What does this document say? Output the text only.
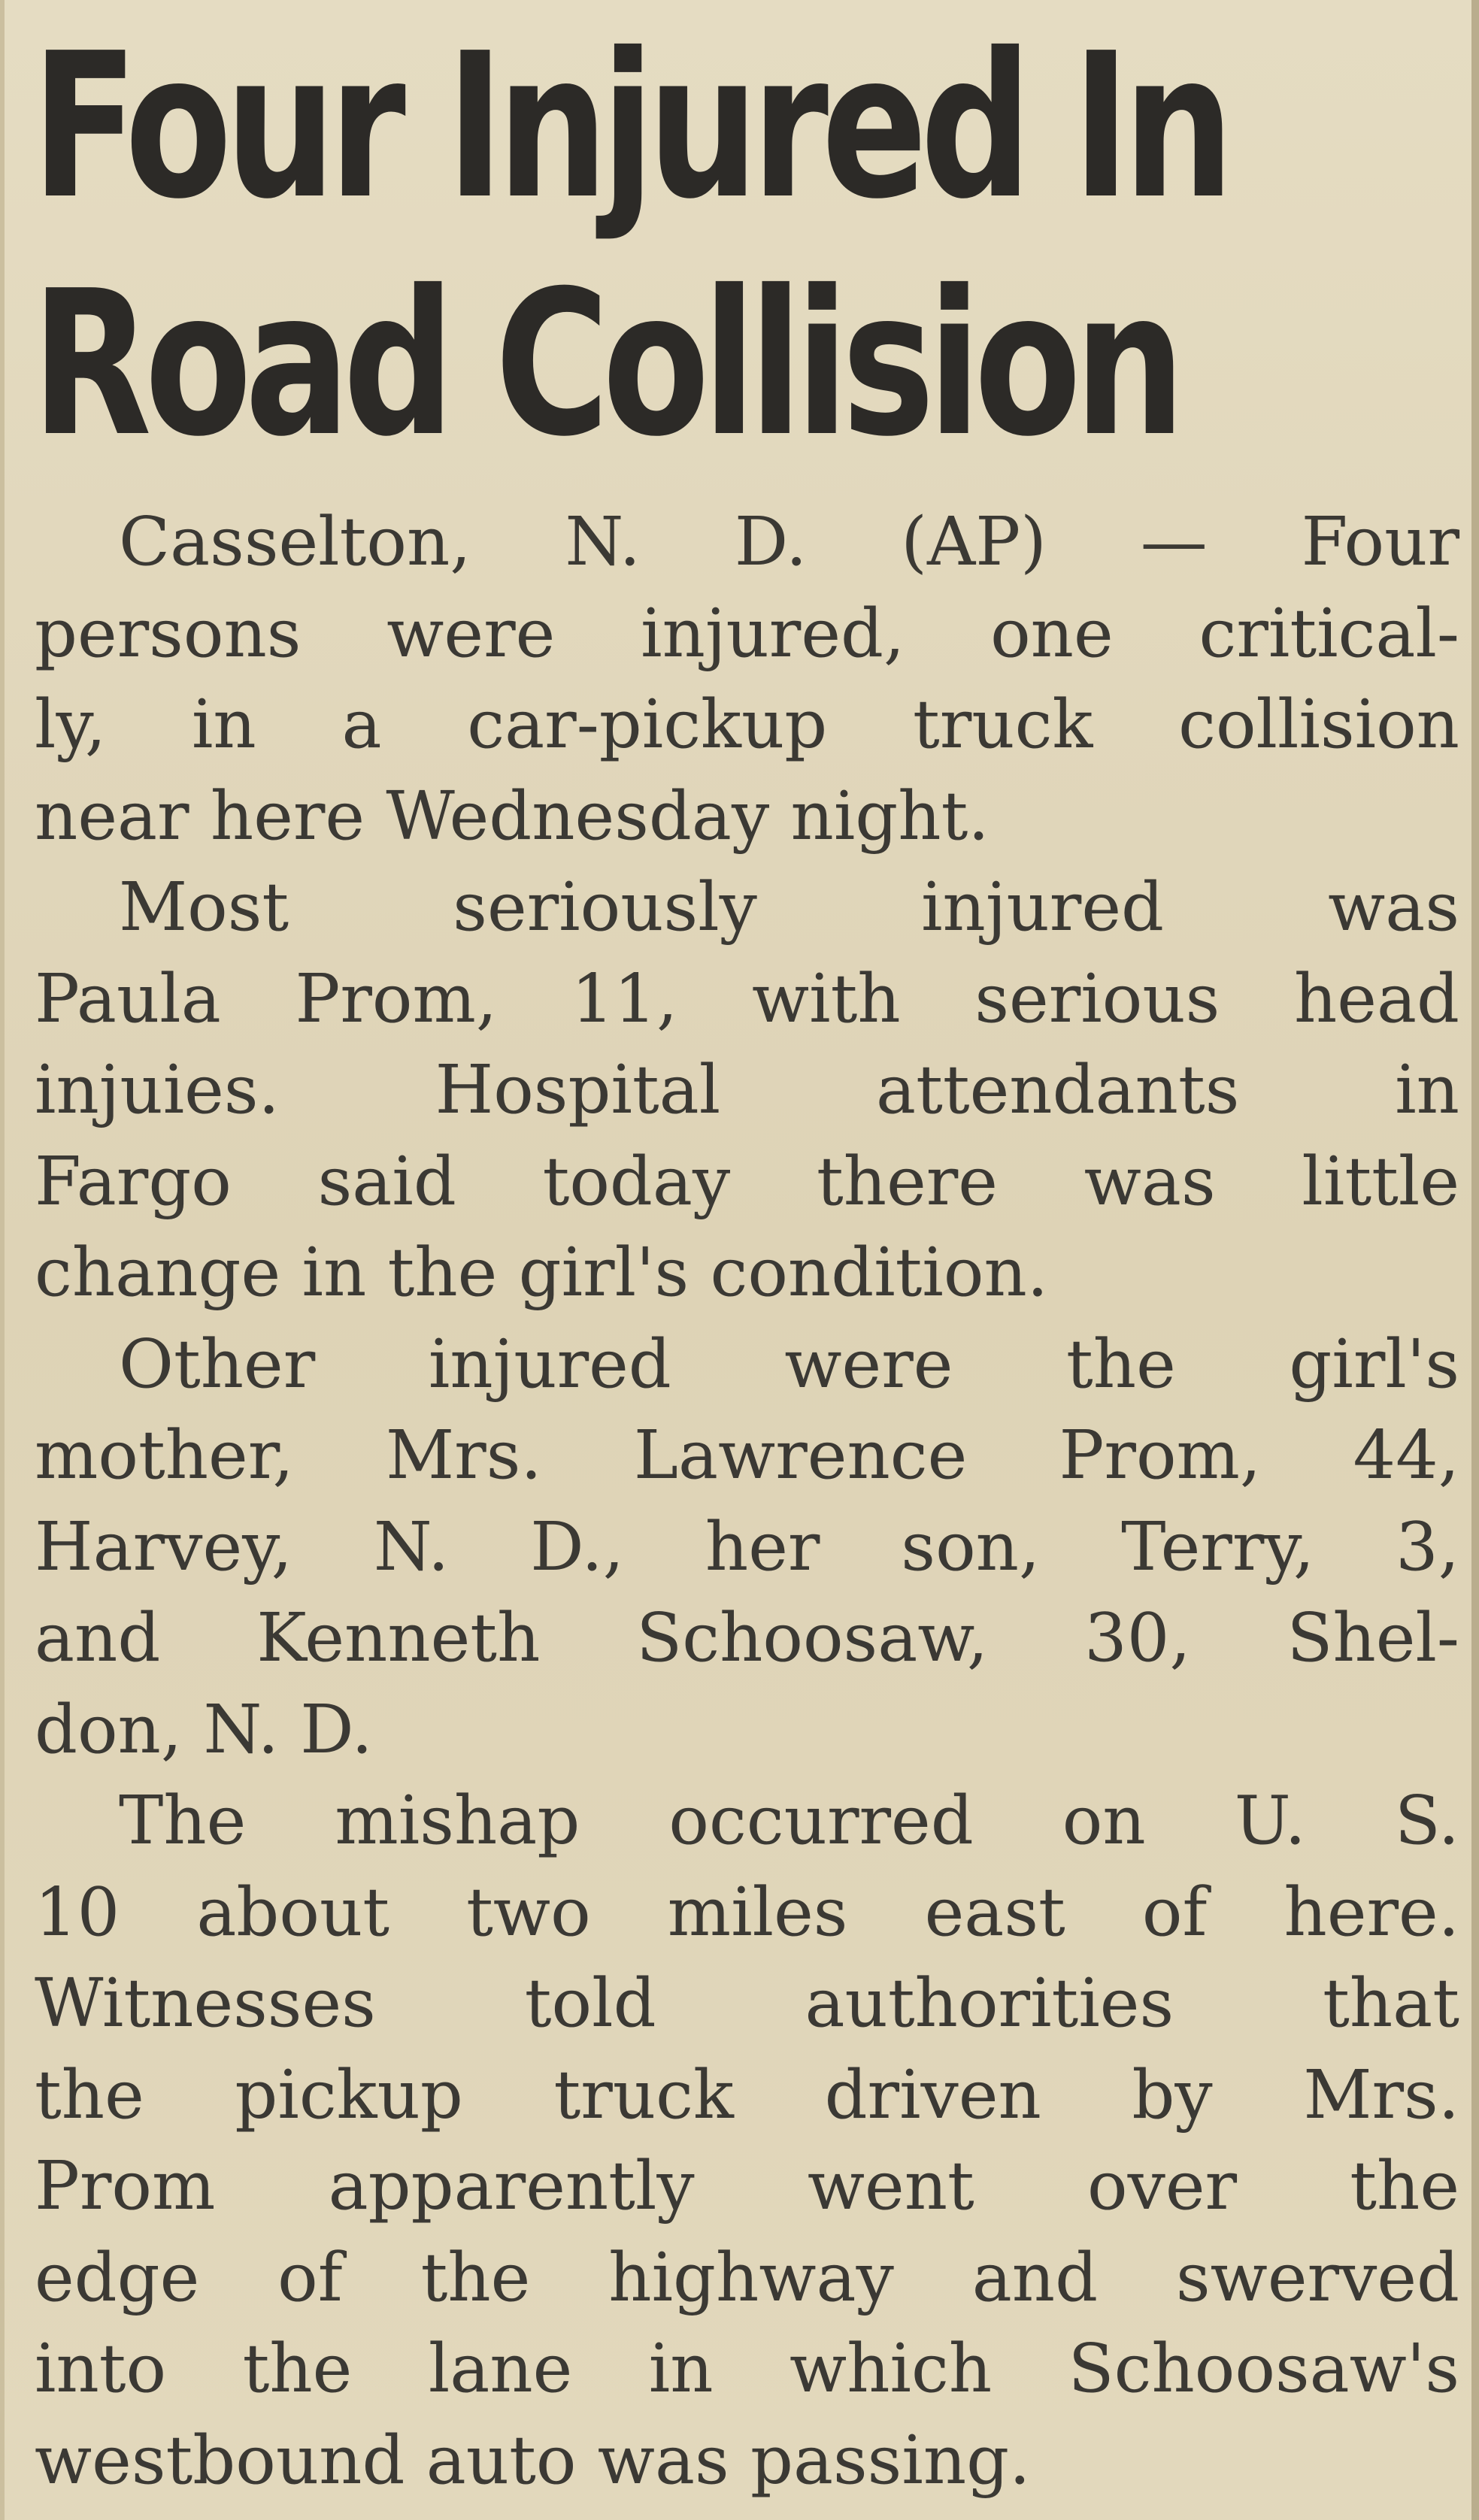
Four Injured In
Road Collision
Casselton, N. D. (AP) — Four
persons were injured, one critical-
ly, in a car-pickup truck collision
near here Wednesday night.
Most seriously injured was
Paula Prom, 11, with serious head
injuies. Hospital attendants in
Fargo said today there was little
change in the girl's condition.
Other injured were the girl's
mother, Mrs. Lawrence Prom, 44,
Harvey, N. D., her son, Terry, 3,
and Kenneth Schoosaw, 30, Shel-
don, N. D.
The mishap occurred on U. S.
10 about two miles east of here.
Witnesses told authorities that
the pickup truck driven by Mrs.
Prom apparently went over the
edge of the highway and swerved
into the lane in which Schoosaw's
westbound auto was passing.
